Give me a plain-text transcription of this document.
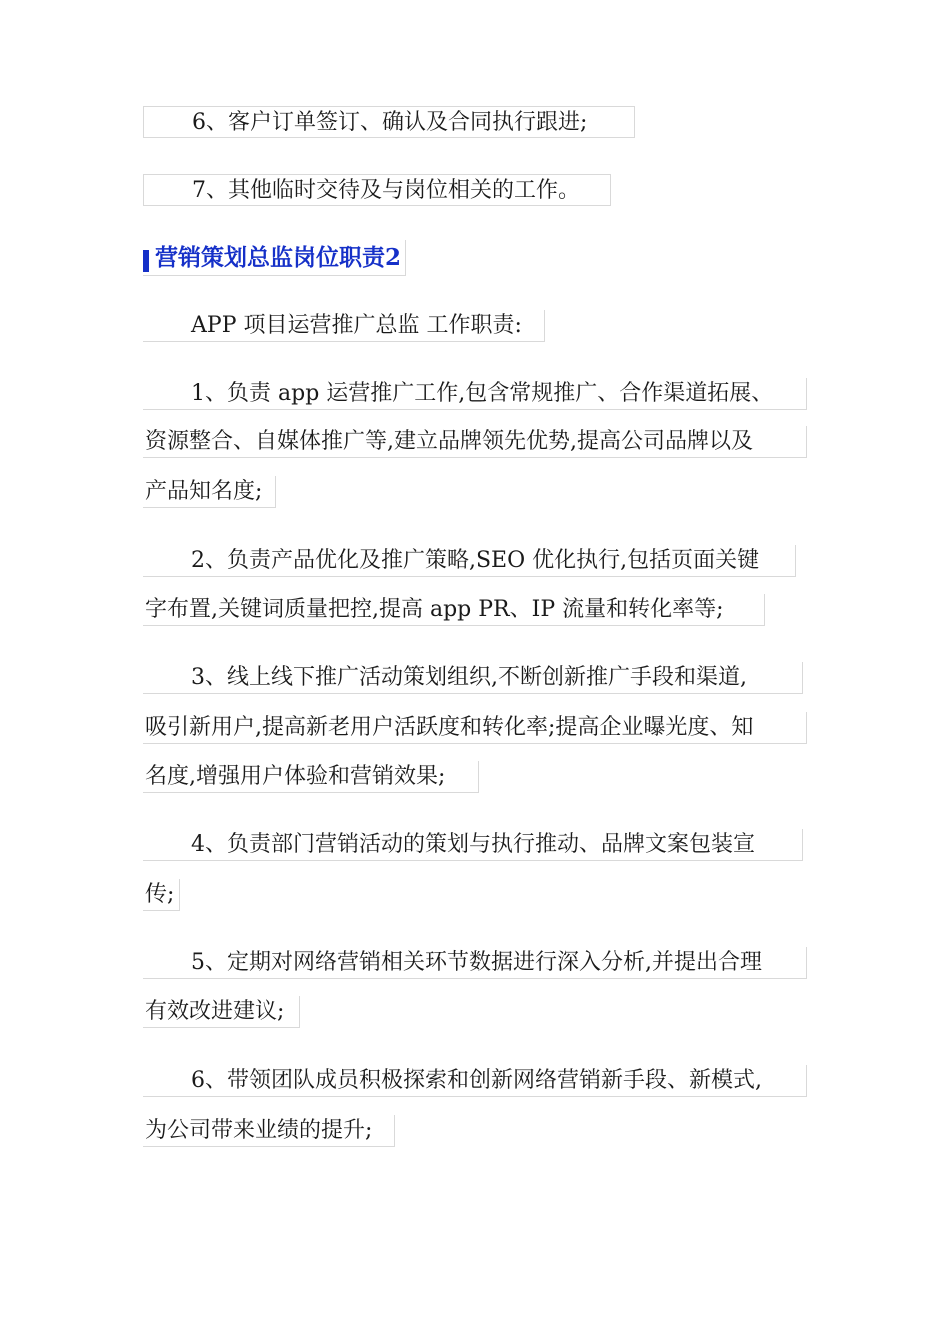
6、客户订单签订、确认及合同执行跟进;
7、其他临时交待及与岗位相关的工作。
营销策划总监岗位职责2
APP 项目运营推广总监 工作职责:
1、负责 app 运营推广工作,包含常规推广、合作渠道拓展、
资源整合、自媒体推广等,建立品牌领先优势,提高公司品牌以及
产品知名度;
2、负责产品优化及推广策略,SEO 优化执行,包括页面关键
字布置,关键词质量把控,提高 app PR、IP 流量和转化率等;
3、线上线下推广活动策划组织,不断创新推广手段和渠道,
吸引新用户,提高新老用户活跃度和转化率;提高企业曝光度、知
名度,增强用户体验和营销效果;
4、负责部门营销活动的策划与执行推动、品牌文案包装宣
传;
5、定期对网络营销相关环节数据进行深入分析,并提出合理
有效改进建议;
6、带领团队成员积极探索和创新网络营销新手段、新模式,
为公司带来业绩的提升;
